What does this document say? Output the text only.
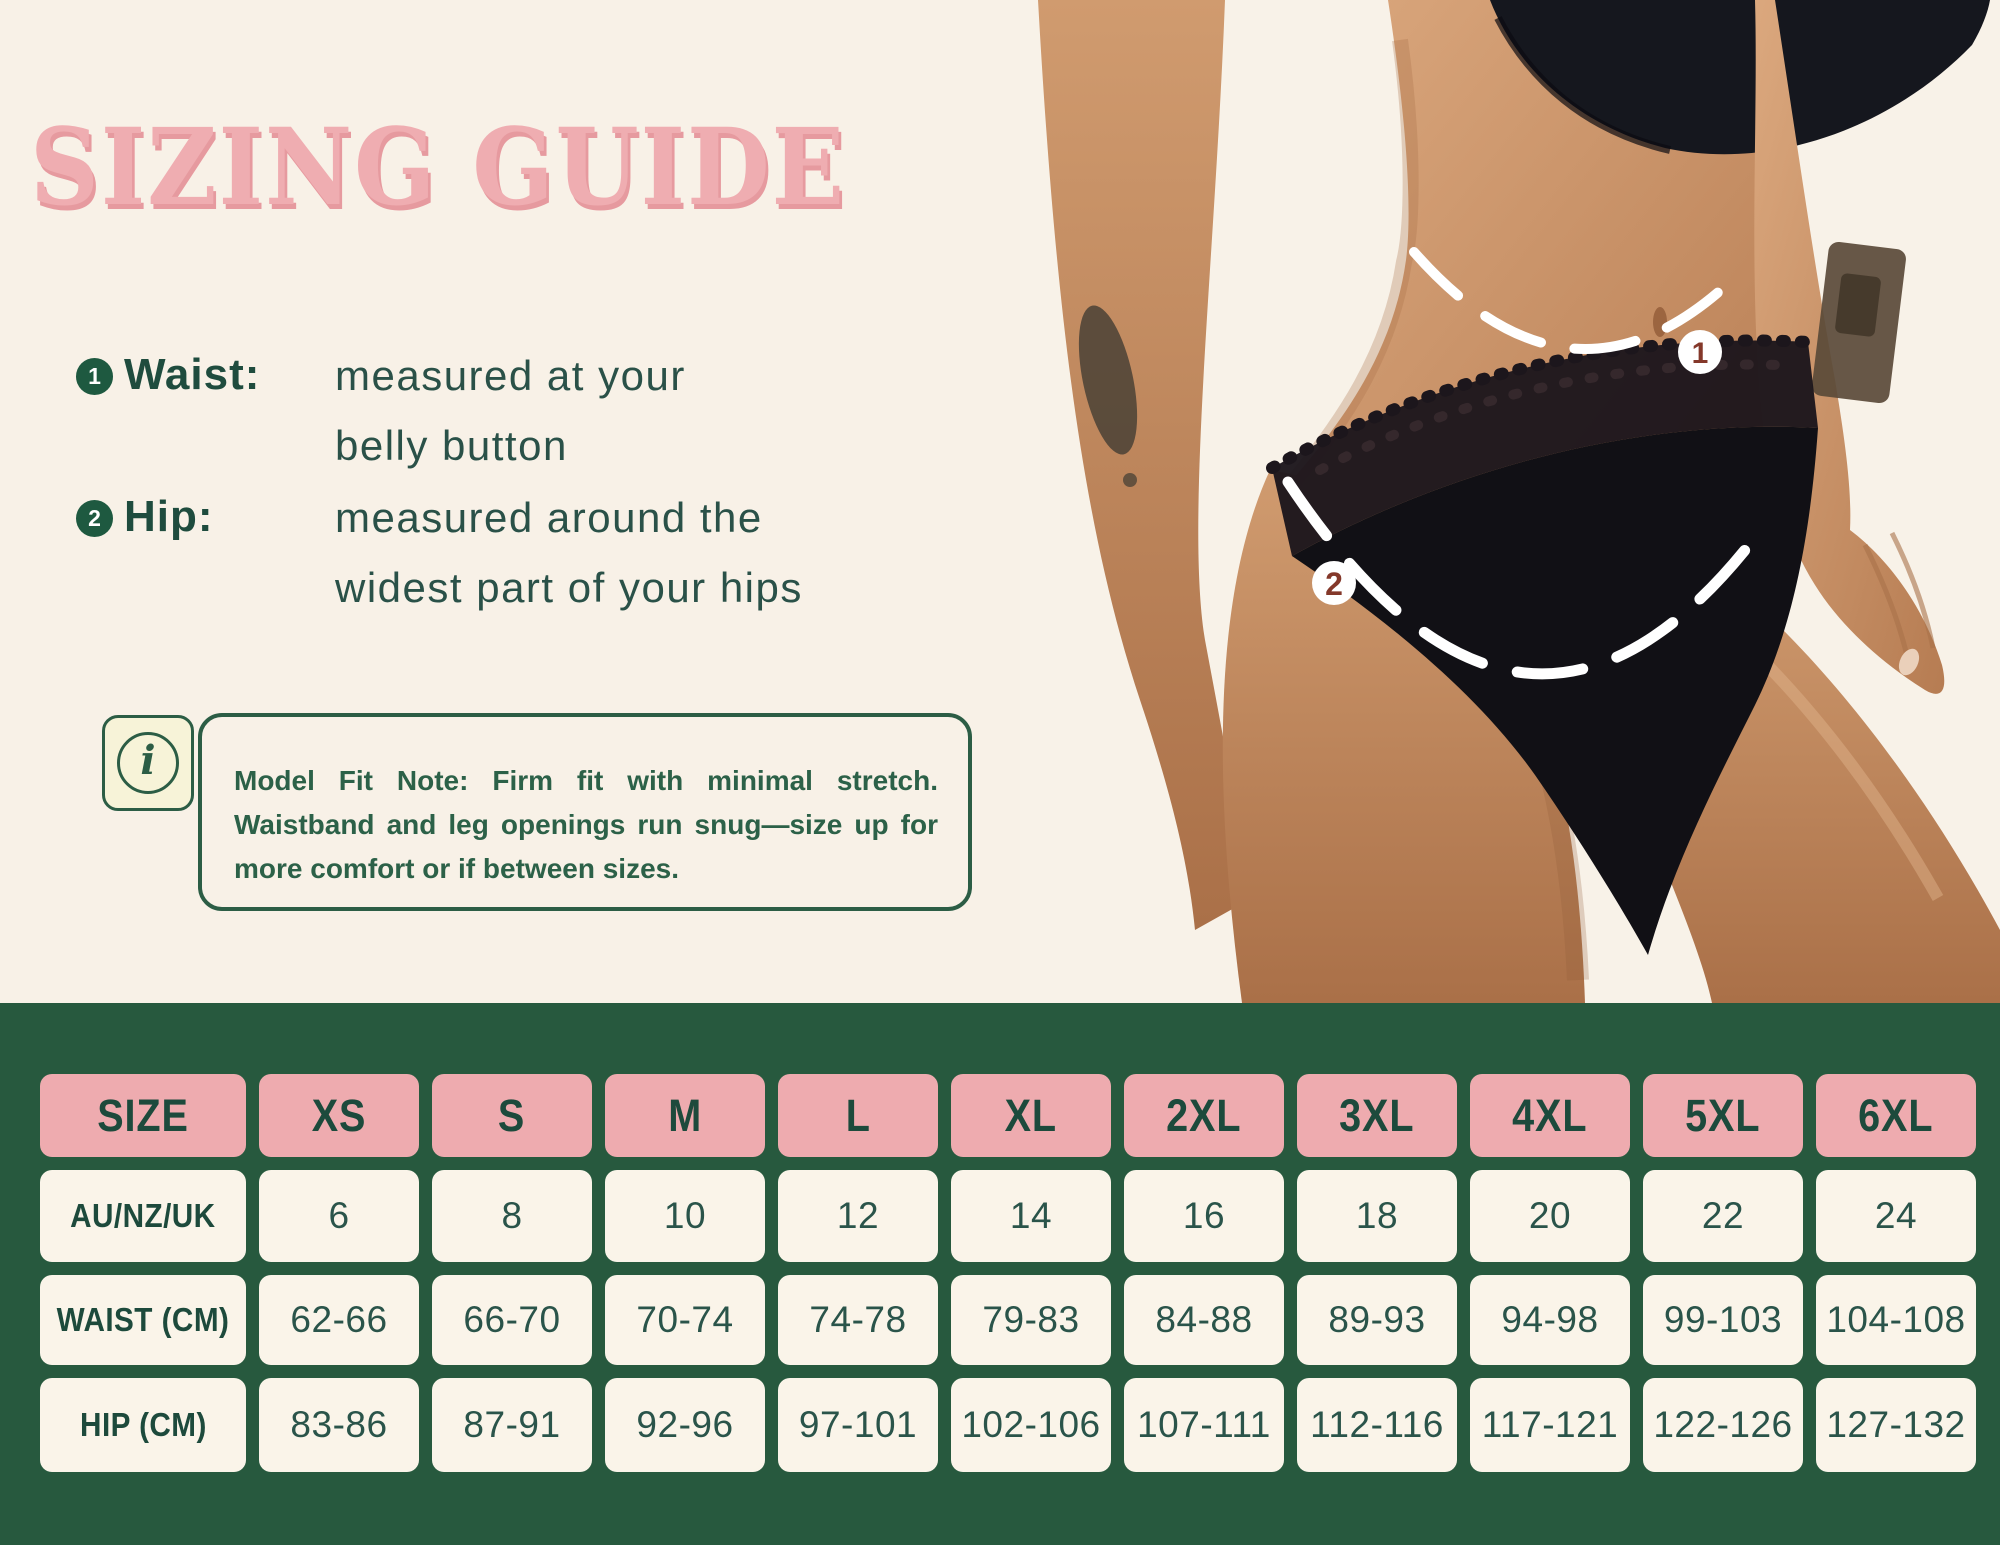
SIZING GUIDE
1 Waist: measured at your
belly button
2 Hip:	measured around the
widest part of your hips
i	Model Fit Note: Firm fit with minimal stretch. Waistband and leg openings run snug—size up for more comfort or if between sizes.
1
2
SIZE	XS	S	M	L	XL 2XL 3XL 4XL 5XL 6XL
AU/NZ/UK	6	8	10	12	14	16	18	20	22	24
WAIST (CM) 62-66 66-70 70-74 74-78 79-83 84-88 89-93 94-98 99-103 104-108
HIP (CM) 83-86 87-91 92-96 97-101 102-106 107-111 112-116 117-121 122-126 127-132
